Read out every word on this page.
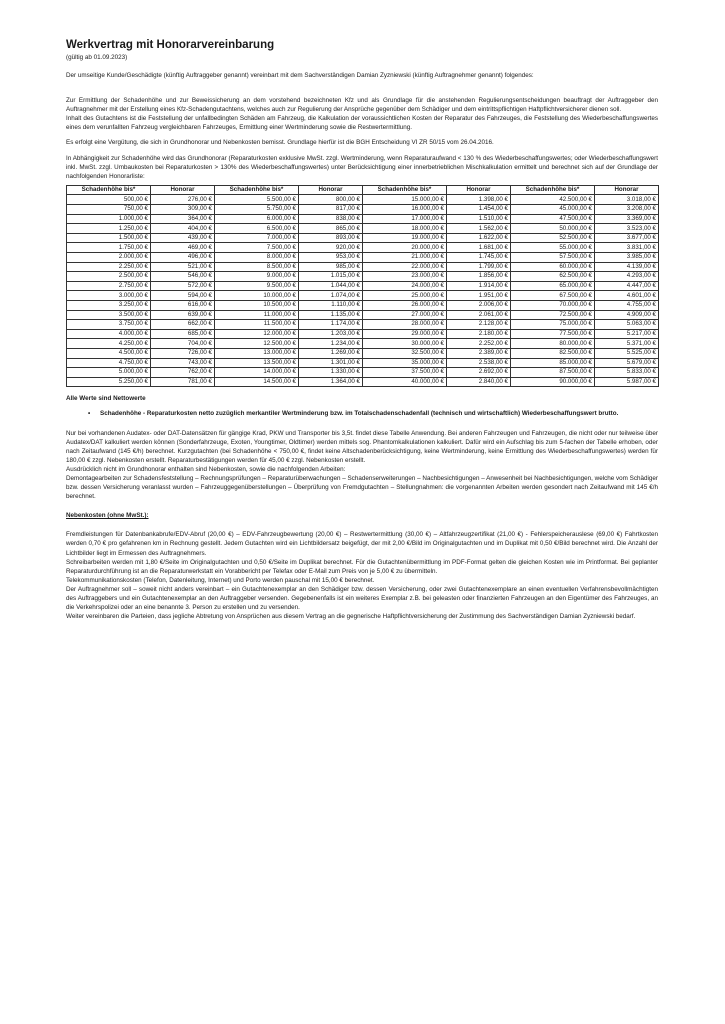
Werkvertrag mit Honorarvereinbarung
(gültig ab 01.09.2023)

Der umseitige Kunde/Geschädigte (künftig Auftraggeber genannt) vereinbart mit dem Sachverständigen Damian Zyzniewski (künftig Auftragnehmer genannt) folgendes:

Zur Ermittlung der Schadenhöhe und zur Beweissicherung an dem vorstehend bezeichneten Kfz und als Grundlage für die anstehenden Regulierungsentscheidungen beauftragt der Auftraggeber den Auftragnehmer mit der Erstellung eines Kfz-Schadengutachtens, welches auch zur Regulierung der Ansprüche gegenüber dem Schädiger und dem eintrittspflichtigen Haftpflichtversicherer dienen soll.

Inhalt des Gutachtens ist die Feststellung der unfallbedingten Schäden am Fahrzeug, die Kalkulation der voraussichtlichen Kosten der Reparatur des Fahrzeuges, die Feststellung des Wiederbeschaffungswertes eines dem verunfallten Fahrzeug vergleichbaren Fahrzeuges, Ermittlung einer Wertminderung sowie die Restwertermittlung.

Es erfolgt eine Vergütung, die sich in Grundhonorar und Nebenkosten bemisst. Grundlage hierfür ist die BGH Entscheidung VI ZR 50/15 vom 26.04.2016.

In Abhängigkeit zur Schadenhöhe wird das Grundhonorar (Reparaturkosten exklusive MwSt. zzgl. Wertminderung, wenn Reparaturaufwand < 130 % des Wiederbeschaffungswertes; oder Wiederbeschaffungswert inkl. MwSt. zzgl. Umbaukosten bei Reparaturkosten > 130% des Wiederbeschaffungswertes) unter Berücksichtigung einer innerbetrieblichen Mischkalkulation ermittelt und berechnet sich auf der Grundlage der nachfolgenden Honorarliste:

Schadenhöhe bis*	Honorar	Schadenhöhe bis*	Honorar	Schadenhöhe bis*	Honorar	Schadenhöhe bis*	Honorar
500,00 €	276,00 €	5.500,00 €	800,00 €	15.000,00 €	1.398,00 €	42.500,00 €	3.018,00 €
750,00 €	309,00 €	5.750,00 €	817,00 €	16.000,00 €	1.454,00 €	45.000,00 €	3.208,00 €
1.000,00 €	364,00 €	6.000,00 €	838,00 €	17.000,00 €	1.510,00 €	47.500,00 €	3.369,00 €
1.250,00 €	404,00 €	6.500,00 €	865,00 €	18.000,00 €	1.562,00 €	50.000,00 €	3.523,00 €
1.500,00 €	439,00 €	7.000,00 €	893,00 €	19.000,00 €	1.622,00 €	52.500,00 €	3.677,00 €
1.750,00 €	469,00 €	7.500,00 €	920,00 €	20.000,00 €	1.681,00 €	55.000,00 €	3.831,00 €
2.000,00 €	496,00 €	8.000,00 €	953,00 €	21.000,00 €	1.745,00 €	57.500,00 €	3.985,00 €
2.250,00 €	521,00 €	8.500,00 €	985,00 €	22.000,00 €	1.799,00 €	60.000,00 €	4.139,00 €
2.500,00 €	546,00 €	9.000,00 €	1.015,00 €	23.000,00 €	1.856,00 €	62.500,00 €	4.293,00 €
2.750,00 €	572,00 €	9.500,00 €	1.044,00 €	24.000,00 €	1.914,00 €	65.000,00 €	4.447,00 €
3.000,00 €	594,00 €	10.000,00 €	1.074,00 €	25.000,00 €	1.951,00 €	67.500,00 €	4.601,00 €
3.250,00 €	616,00 €	10.500,00 €	1.110,00 €	26.000,00 €	2.006,00 €	70.000,00 €	4.755,00 €
3.500,00 €	639,00 €	11.000,00 €	1.135,00 €	27.000,00 €	2.061,00 €	72.500,00 €	4.909,00 €
3.750,00 €	662,00 €	11.500,00 €	1.174,00 €	28.000,00 €	2.128,00 €	75.000,00 €	5.063,00 €
4.000,00 €	685,00 €	12.000,00 €	1.203,00 €	29.000,00 €	2.180,00 €	77.500,00 €	5.217,00 €
4.250,00 €	704,00 €	12.500,00 €	1.234,00 €	30.000,00 €	2.252,00 €	80.000,00 €	5.371,00 €
4.500,00 €	726,00 €	13.000,00 €	1.269,00 €	32.500,00 €	2.389,00 €	82.500,00 €	5.525,00 €
4.750,00 €	743,00 €	13.500,00 €	1.301,00 €	35.000,00 €	2.538,00 €	85.000,00 €	5.679,00 €
5.000,00 €	762,00 €	14.000,00 €	1.330,00 €	37.500,00 €	2.692,00 €	87.500,00 €	5.833,00 €
5.250,00 €	781,00 €	14.500,00 €	1.364,00 €	40.000,00 €	2.840,00 €	90.000,00 €	5.987,00 €

Alle Werte sind Nettowerte

•	Schadenhöhe - Reparaturkosten netto zuzüglich merkantiler Wertminderung bzw. im Totalschadenschadenfall (technisch und wirtschaftlich) Wiederbeschaffungswert brutto.

Nur bei vorhandenen Audatex- oder DAT-Datensätzen für gängige Krad, PKW und Transporter bis 3,5t. findet diese Tabelle Anwendung. Bei anderen Fahrzeugen und Fahrzeugen, die nicht oder nur teilweise über Audatex/DAT kalkuliert werden können (Sonderfahrzeuge, Exoten, Youngtimer, Oldtimer) werden mittels sog. Phantomkalkulationen kalkuliert. Dafür wird ein Aufschlag bis zum 5-fachen der Tabelle erhoben, oder nach Zeitaufwand (145 €/h) berechnet. Kurzgutachten (bei Schadenhöhe < 750,00 €, findet keine Altschadenberücksichtigung, keine Wertminderung, keine Ermittlung des Wiederbeschaffungswertes) werden für 180,00 € zzgl. Nebenkosten erstellt. Reparaturbestätigungen werden für 45,00 € zzgl. Nebenkosten erstellt.

Ausdrücklich nicht im Grundhonorar enthalten sind Nebenkosten, sowie die nachfolgenden Arbeiten:

Demontagearbeiten zur Schadensfeststellung – Rechnungsprüfungen – Reparaturüberwachungen – Schadenserweiterungen – Nachbesichtigungen – Anwesenheit bei Nachbesichtigungen, welche vom Schädiger bzw. dessen Versicherung veranlasst wurden – Fahrzeuggegenüberstellungen – Überprüfung von Fremdgutachten – Stellungnahmen: die vorgenannten Arbeiten werden gesondert nach Zeitaufwand mit 145 €/h berechnet.

Nebenkosten (ohne MwSt.):

Fremdleistungen für Datenbankabrufe/EDV-Abruf (20,00 €) – EDV-Fahrzeugbewertung (20,00 €) – Restwertermittlung (30,00 €) – Altfahrzeugzertifikat (21,00 €) - Fehlerspeicherauslese (69,00 €) Fahrtkosten werden 0,70 € pro gefahrenen km in Rechnung gestellt. Jedem Gutachten wird ein Lichtbildersatz beigefügt, der mit 2,00 €/Bild im Originalgutachten und im Duplikat mit 0,50 €/Bild berechnet wird. Die Anzahl der Lichtbilder liegt im Ermessen des Auftragnehmers.

Schreibarbeiten werden mit 1,80 €/Seite im Originalgutachten und 0,50 €/Seite im Duplikat berechnet. Für die Gutachtenübermittlung im PDF-Format gelten die gleichen Kosten wie im Printformat. Bei geplanter Reparaturdurchführung ist an die Reparaturwerkstatt ein Vorabbericht per Telefax oder E-Mail zum Preis von je 5,00 € zu übermitteln.

Telekommunikationskosten (Telefon, Datenleitung, Internet) und Porto werden pauschal mit 15,00 € berechnet.

Der Auftragnehmer soll – soweit nicht anders vereinbart – ein Gutachtenexemplar an den Schädiger bzw. dessen Versicherung, oder zwei Gutachtenexemplare an einen eventuellen Verfahrensbevollmächtigten des Auftraggebers und ein Gutachtenexemplar an den Auftraggeber versenden. Gegebenenfalls ist ein weiteres Exemplar z.B. bei geleasten oder finanzierten Fahrzeugen an den Eigentümer des Fahrzeuges, an die Verkehrspolizei oder an eine benannte 3. Person zu erstellen und zu versenden.

Weiter vereinbaren die Parteien, dass jegliche Abtretung von Ansprüchen aus diesem Vertrag an die gegnerische Haftpflichtversicherung der Zustimmung des Sachverständigen Damian Zyzniewski bedarf.
